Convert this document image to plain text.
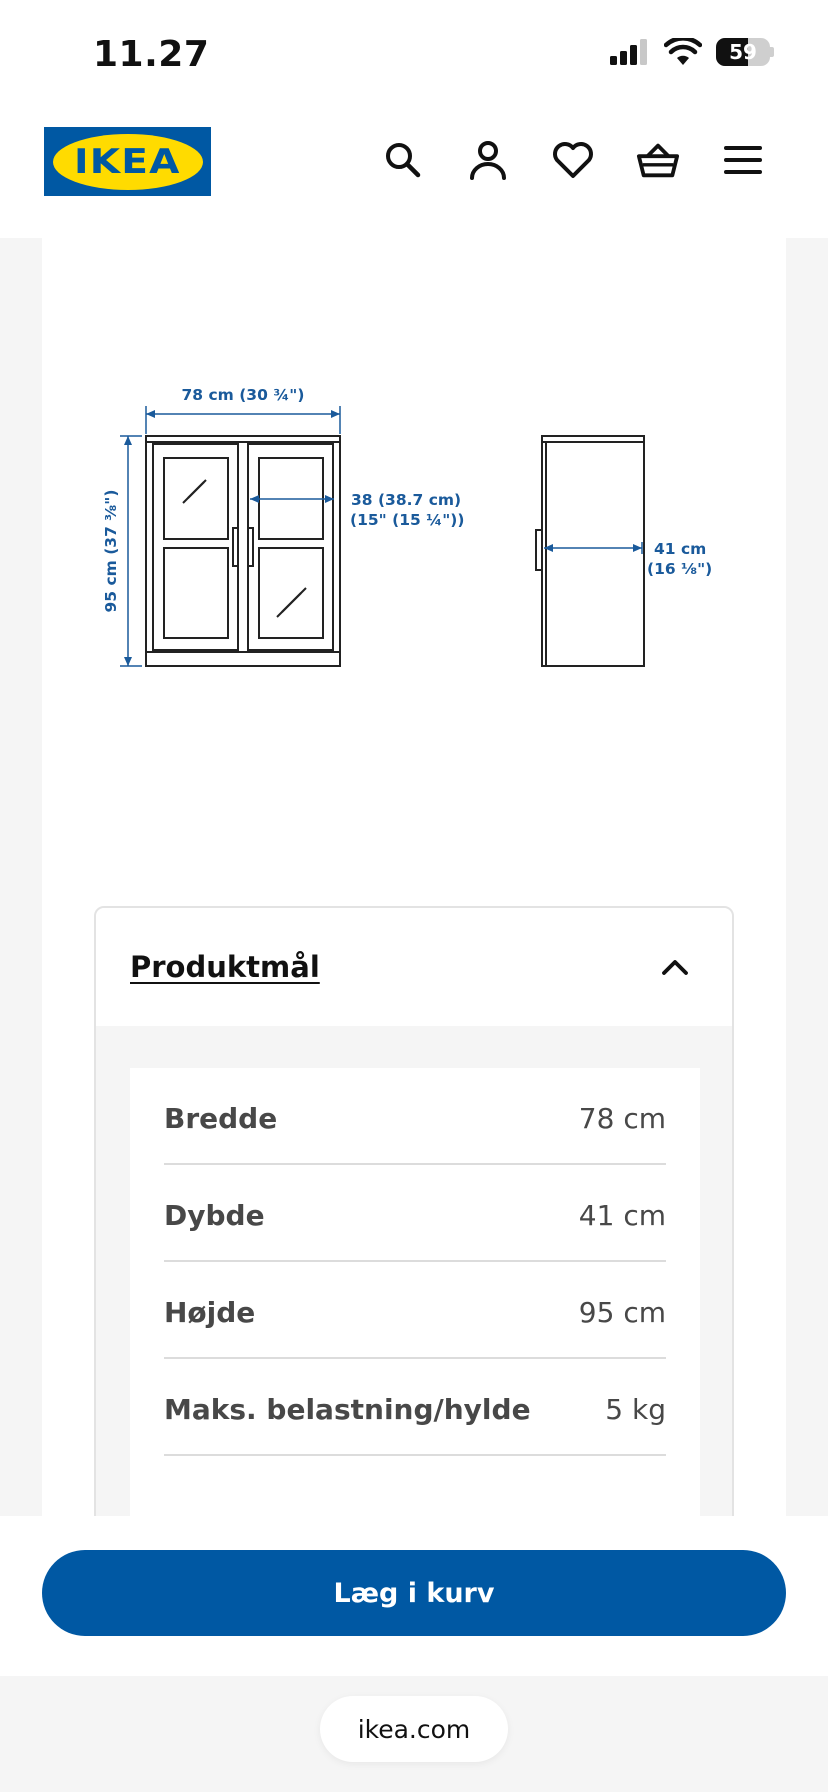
11.27	59
IKEA
78 cm (30 ¾")
95 cm (37 ⅜")	38 (38.7 cm)
(15" (15 ¼"))
41 cm
(16 ⅛")
Produktmål
Bredde	78 cm
Dybde	41 cm
Højde	95 cm
Maks. belastning/hylde	5 kg
Læg i kurv
ikea.com
